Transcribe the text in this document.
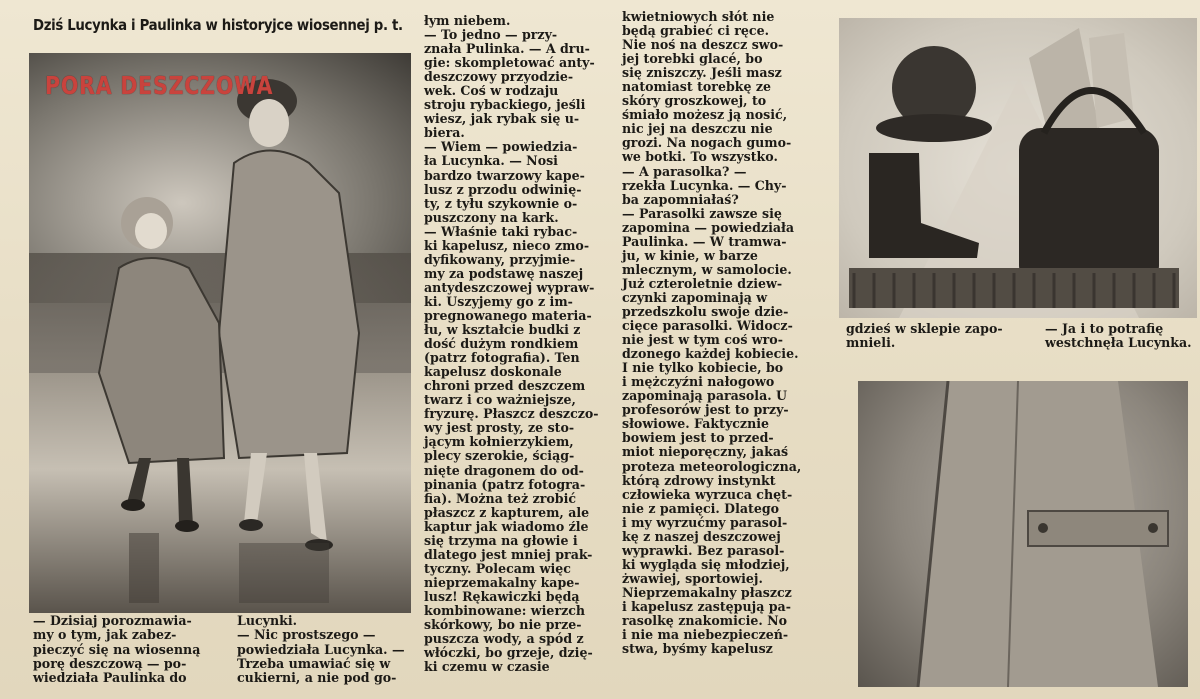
Dziś Lucynka i Paulinka w historyjce wiosennej p. t.
PORA DESZCZOWA
— Dzisiaj porozmawia-
my o tym, jak zabez-
pieczyć się na wiosenną
porę deszczową — po-
wiedziała Paulinka do
Lucynki.
— Nic prostszego —
powiedziała Lucynka. —
Trzeba umawiać się w
cukierni, a nie pod go-
łym niebem.
— To jedno — przy-
znała Pulinka. — A dru-
gie: skompletować anty-
deszczowy przyodzie-
wek. Coś w rodzaju
stroju rybackiego, jeśli
wiesz, jak rybak się u-
biera.
— Wiem — powiedzia-
ła Lucynka. — Nosi
bardzo twarzowy kape-
lusz z przodu odwinię-
ty, z tyłu szykownie o-
puszczony na kark.
— Właśnie taki rybac-
ki kapelusz, nieco zmo-
dyfikowany, przyjmie-
my za podstawę naszej
antydeszczowej wypraw-
ki. Uszyjemy go z im-
pregnowanego materia-
łu, w kształcie budki z
dość dużym rondkiem
(patrz fotografia). Ten
kapelusz doskonale
chroni przed deszczem
twarz i co ważniejsze,
fryzurę. Płaszcz deszczo-
wy jest prosty, ze sto-
jącym kołnierzykiem,
plecy szerokie, ściąg-
nięte dragonem do od-
pinania (patrz fotogra-
fia). Można też zrobić
płaszcz z kapturem, ale
kaptur jak wiadomo źle
się trzyma na głowie i
dlatego jest mniej prak-
tyczny. Polecam więc
nieprzemakalny kape-
lusz! Rękawiczki będą
kombinowane: wierzch
skórkowy, bo nie prze-
puszcza wody, a spód z
włóczki, bo grzeje, dzię-
ki czemu w czasie
kwietniowych słót nie
będą grabieć ci ręce.
Nie noś na deszcz swo-
jej torebki glacé, bo
się zniszczy. Jeśli masz
natomiast torebkę ze
skóry groszkowej, to
śmiało możesz ją nosić,
nic jej na deszczu nie
grozi. Na nogach gumo-
we botki. To wszystko.
— A parasolka? —
rzekła Lucynka. — Chy-
ba zapomniałaś?
— Parasolki zawsze się
zapomina — powiedziała
Paulinka. — W tramwa-
ju, w kinie, w barze
mlecznym, w samolocie.
Już czteroletnie dziew-
czynki zapominają w
przedszkolu swoje dzie-
cięce parasolki. Widocz-
nie jest w tym coś wro-
dzonego każdej kobiecie.
I nie tylko kobiecie, bo
i mężczyźni nałogowo
zapominają parasola. U
profesorów jest to przy-
słowiowe. Faktycznie
bowiem jest to przed-
miot nieporęczny, jakaś
proteza meteorologiczna,
którą zdrowy instynkt
człowieka wyrzuca chęt-
nie z pamięci. Dlatego
i my wyrzućmy parasol-
kę z naszej deszczowej
wyprawki. Bez parasol-
ki wygląda się młodziej,
żwawiej, sportowiej.
Nieprzemakalny płaszcz
i kapelusz zastępują pa-
rasolkę znakomicie. No
i nie ma niebezpieczeń-
stwa, byśmy kapelusz
gdzieś w sklepie zapo-
mnieli.
— Ja i to potrafię
westchnęła Lucynka.
